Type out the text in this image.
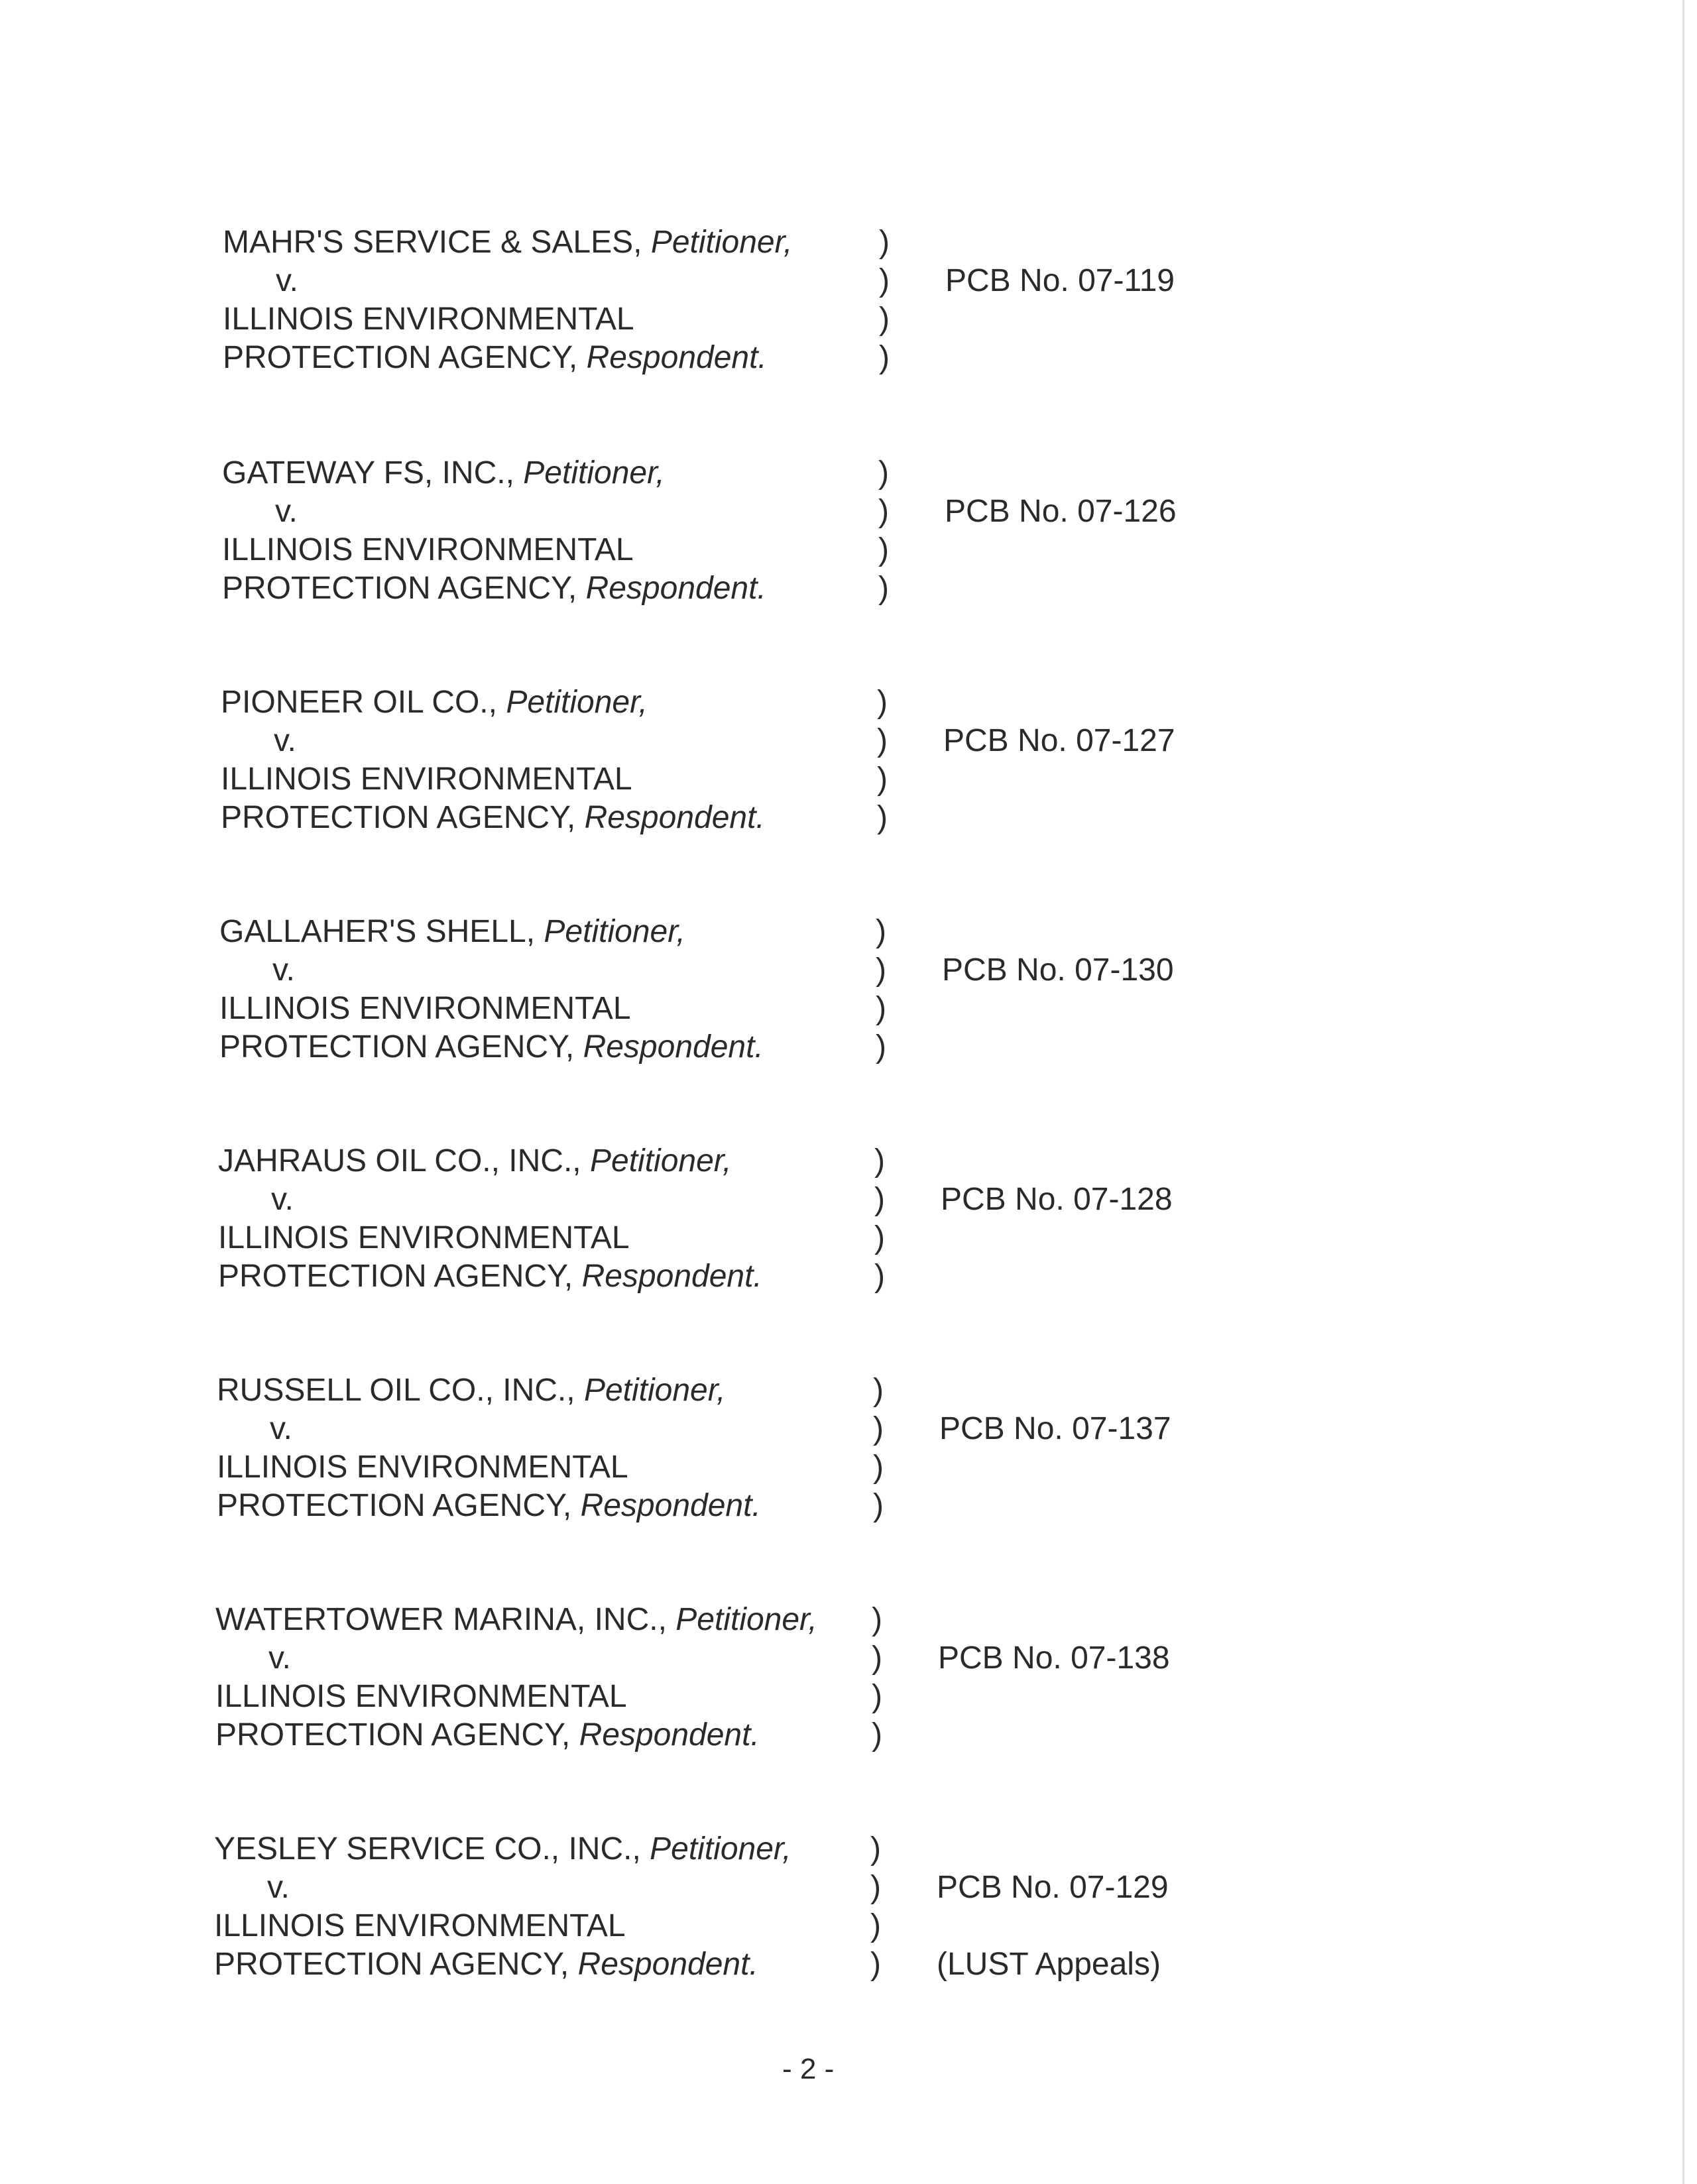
MAHR'S SERVICE & SALES, Petitioner,
v.
ILLINOIS ENVIRONMENTAL
PROTECTION AGENCY, Respondent.
)
)
)
)
PCB No. 07-119
GATEWAY FS, INC., Petitioner,
v.
ILLINOIS ENVIRONMENTAL
PROTECTION AGENCY, Respondent.
)
)
)
)
PCB No. 07-126
PIONEER OIL CO., Petitioner,
v.
ILLINOIS ENVIRONMENTAL
PROTECTION AGENCY, Respondent.
)
)
)
)
PCB No. 07-127
GALLAHER'S SHELL, Petitioner,
v.
ILLINOIS ENVIRONMENTAL
PROTECTION AGENCY, Respondent.
)
)
)
)
PCB No. 07-130
JAHRAUS OIL CO., INC., Petitioner,
v.
ILLINOIS ENVIRONMENTAL
PROTECTION AGENCY, Respondent.
)
)
)
)
PCB No. 07-128
RUSSELL OIL CO., INC., Petitioner,
v.
ILLINOIS ENVIRONMENTAL
PROTECTION AGENCY, Respondent.
)
)
)
)
PCB No. 07-137
WATERTOWER MARINA, INC., Petitioner,
v.
ILLINOIS ENVIRONMENTAL
PROTECTION AGENCY, Respondent.
)
)
)
)
PCB No. 07-138
YESLEY SERVICE CO., INC., Petitioner,
v.
ILLINOIS ENVIRONMENTAL
PROTECTION AGENCY, Respondent.
)
)
)
)
PCB No. 07-129
(LUST Appeals)
- 2 -
